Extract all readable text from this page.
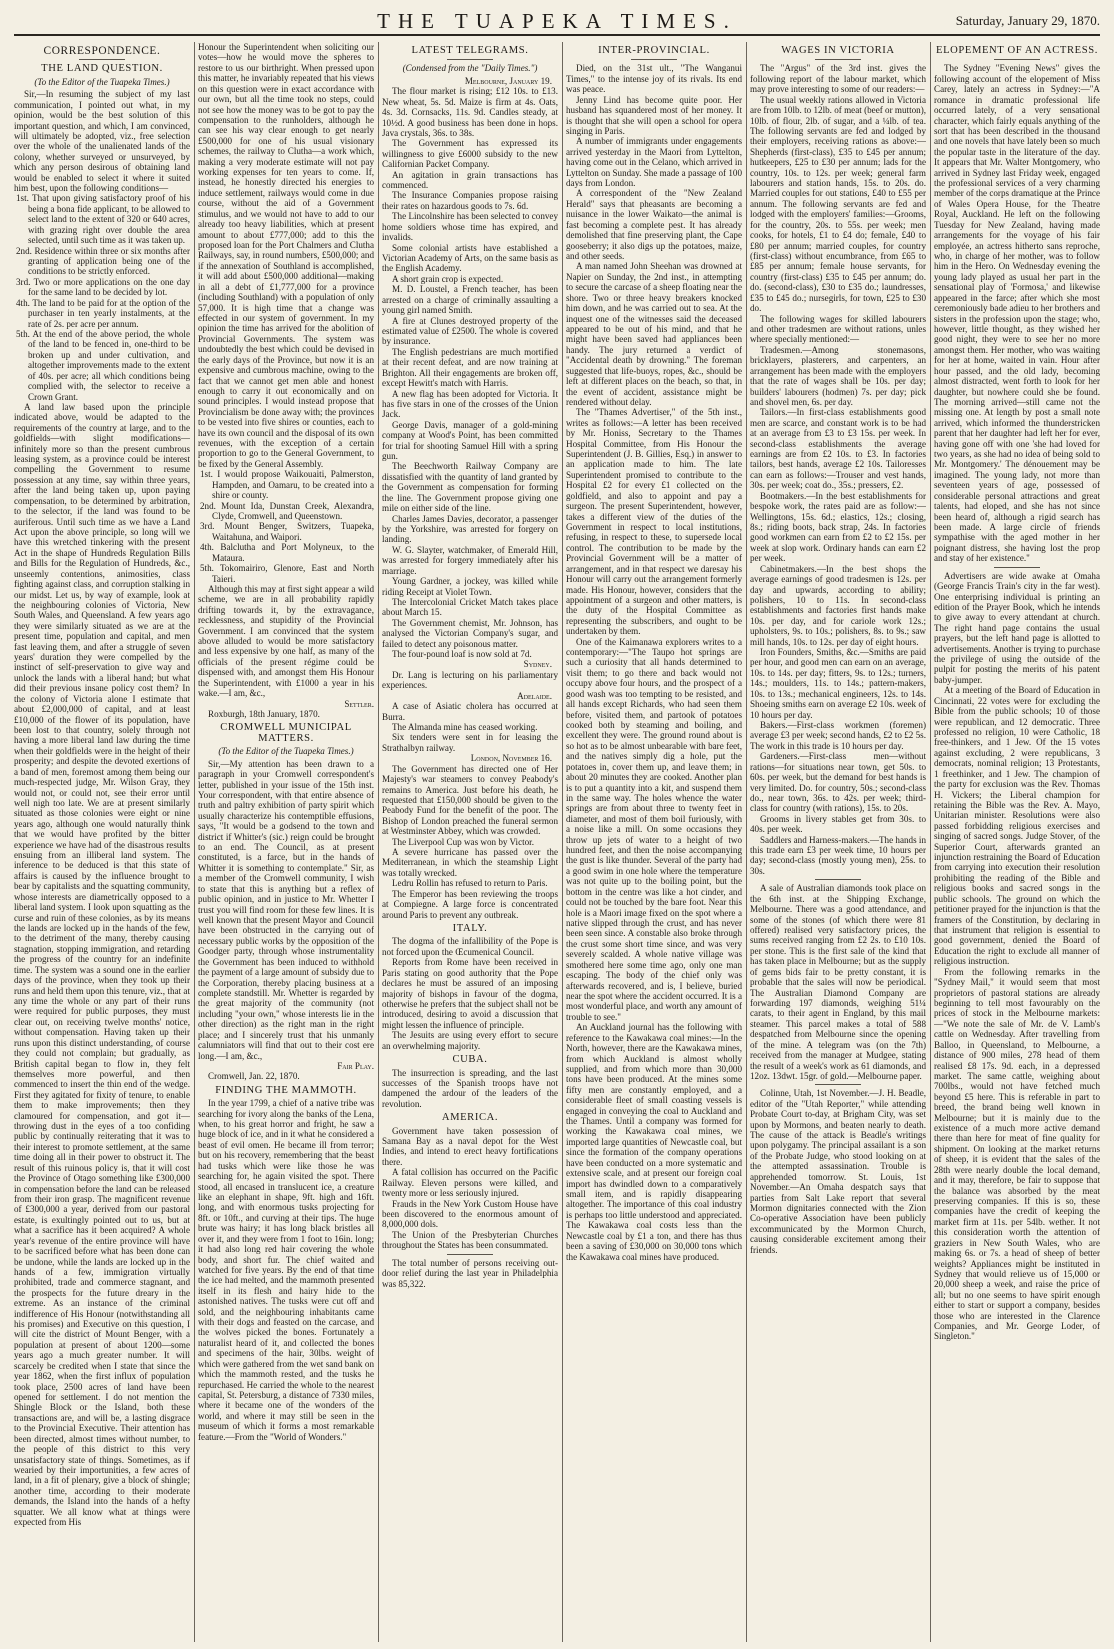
THE TUAPEKA TIMES.	Saturday, January 29, 1870.
CORRESPONDENCE.
THE LAND QUESTION.
(To the Editor of the Tuapeka Times.)

Sir,—In resuming the subject of my last communication, I pointed out what, in my opinion, would be the best solution of this important question, and which, I am convinced, will ultimately be adopted, viz., free selection over the whole of the unalienated lands of the colony, whether surveyed or unsurveyed, by which any person desirous of obtaining land would be enabled to select it where it suited him best, upon the following conditions—

1st. That upon giving satisfactory proof of his being a bona fide applicant, to be allowed to select land to the extent of 320 or 640 acres, with grazing right over double the area selected, until such time as it was taken up.

2nd. Residence within three or six months after granting of application being one of the conditions to be strictly enforced.

3rd. Two or more applications on the one day for the same land to be decided by lot.

4th. The land to be paid for at the option of the purchaser in ten yearly instalments, at the rate of 2s. per acre per annum.

5th. At the end of the above period, the whole of the land to be fenced in, one-third to be broken up and under cultivation, and altogether improvements made to the extent of 40s. per acre; all which conditions being complied with, the selector to receive a Crown Grant.

A land law based upon the principle indicated above, would be adapted to the requirements of the country at large, and to the goldfields—with slight modifications—infinitely more so than the present cumbrous leasing system, as a province could be interest compelling the Government to resume possession at any time, say within three years, after the land being taken up, upon paying compensation, to be determined by arbitration, to the selector, if the land was found to be auriferous. Until such time as we have a Land Act upon the above principle, so long will we have this wretched tinkering with the present Act in the shape of Hundreds Regulation Bills and Bills for the Regulation of Hundreds, &c., unseemly contentions, animosities, class fighting against class, and corruption stalking in our midst. Let us, by way of example, look at the neighbouring colonies of Victoria, New South Wales, and Queensland. A few years ago they were similarly situated as we are at the present time, population and capital, and men fast leaving them, and after a struggle of seven years' duration they were compelled by the instinct of self-preservation to give way and unlock the lands with a liberal hand; but what did their previous insane policy cost them? In the colony of Victoria alone I estimate that about £2,000,000 of capital, and at least £10,000 of the flower of its population, have been lost to that country, solely through not having a more liberal land law during the time when their goldfields were in the height of their prosperity; and despite the devoted exertions of a band of men, foremost among them being our much-respected judge, Mr. Wilson Gray, they would not, or could not, see their error until well nigh too late. We are at present similarly situated as those colonies were eight or nine years ago, although one would naturally think that we would have profited by the bitter experience we have had of the disastrous results ensuing from an illiberal land system. The inference to be deduced is that this state of affairs is caused by the influence brought to bear by capitalists and the squatting community, whose interests are diametrically opposed to a liberal land system. I look upon squatting as the curse and ruin of these colonies, as by its means the lands are locked up in the hands of the few, to the detriment of the many, thereby causing stagnation, stopping immigration, and retarding the progress of the country for an indefinite time. The system was a sound one in the earlier days of the province, when they took up their runs and held them upon this tenure, viz., that at any time the whole or any part of their runs were required for public purposes, they must clear out, on receiving twelve months' notice, without compensation. Having taken up their runs upon this distinct understanding, of course they could not complain; but gradually, as British capital began to flow in, they felt themselves more powerful, and then commenced to insert the thin end of the wedge. First they agitated for fixity of tenure, to enable them to make improvements; then they clamoured for compensation, and got it—throwing dust in the eyes of a too confiding public by continually reiterating that it was to their interest to promote settlement, at the same time doing all in their power to obstruct it. The result of this ruinous policy is, that it will cost the Province of Otago something like £300,000 in compensation before the land can be released from their iron grasp. The magnificent revenue of £300,000 a year, derived from our pastoral estate, is exultingly pointed out to us, but at what a sacrifice has it been acquired? A whole year's revenue of the entire province will have to be sacrificed before what has been done can be undone, while the lands are locked up in the hands of a few, immigration virtually prohibited, trade and commerce stagnant, and the prospects for the future dreary in the extreme. As an instance of the criminal indifference of His Honour (notwithstanding all his promises) and Executive on this question, I will cite the district of Mount Benger, with a population at present of about 1200—some years ago a much greater number. It will scarcely be credited when I state that since the year 1862, when the first influx of population took place, 2500 acres of land have been opened for settlement. I do not mention the Shingle Block or the Island, both these transactions are, and will be, a lasting disgrace to the Provincial Executive. Their attention has been directed, almost times without number, to the people of this district to this very unsatisfactory state of things. Sometimes, as if wearied by their importunities, a few acres of land, in a fit of plenary, give a block of shingle; another time, according to their moderate demands, the Island into the hands of a hefty squatter. We all know what at things were expected from His

Honour the Superintendent when soliciting our votes—how he would move the spheres to restore to us our birthright. When pressed upon this matter, he invariably repeated that his views on this question were in exact accordance with our own, but all the time took no steps, could not see how the money was to be got to pay the compensation to the runholders, although he can see his way clear enough to get nearly £500,000 for one of his usual visionary schemes, the railway to Clutha—a work which, making a very moderate estimate will not pay working expenses for ten years to come. If, instead, he honestly directed his energies to induce settlement, railways would come in due course, without the aid of a Government stimulus, and we would not have to add to our already too heavy liabilities, which at present amount to about £777,000; add to this the proposed loan for the Port Chalmers and Clutha Railways, say, in round numbers, £500,000; and if the annexation of Southland is accomplished, it will add about £500,000 additional—making in all a debt of £1,777,000 for a province (including Southland) with a population of only 57,000. It is high time that a change was effected in our system of government. In my opinion the time has arrived for the abolition of Provincial Governments. The system was undoubtedly the best which could be devised in the early days of the Province, but now it is an expensive and cumbrous machine, owing to the fact that we cannot get men able and honest enough to carry it out economically and on sound principles. I would instead propose that Provincialism be done away with; the provinces to be vested into five shires or counties, each to have its own council and the disposal of its own revenues, with the exception of a certain proportion to go to the General Government, to be fixed by the General Assembly.

1st. I would propose Waikouaiti, Palmerston, Hampden, and Oamaru, to be created into a shire or county.

2nd. Mount Ida, Dunstan Creek, Alexandra, Clyde, Cromwell, and Queenstown.

3rd. Mount Benger, Switzers, Tuapeka, Waitahuna, and Waipori.

4th. Balclutha and Port Molyneux, to the Mataura.

5th. Tokomairiro, Glenore, East and North Taieri.

Although this may at first sight appear a wild scheme, we are in all probability rapidly drifting towards it, by the extravagance, recklessness, and stupidity of the Provincial Government. I am convinced that the system above alluded to would be more satisfactory and less expensive by one half, as many of the officials of the present régime could be dispensed with, and amongst them His Honour the Superintendent, with £1000 a year in his wake.—I am, &c.,

Settler.
Roxburgh, 18th January, 1870.
CROMWELL MUNICIPAL MATTERS.
(To the Editor of the Tuapeka Times.)

Sir,—My attention has been drawn to a paragraph in your Cromwell correspondent's letter, published in your issue of the 15th inst. Your correspondent, with that entire absence of truth and paltry exhibition of party spirit which usually characterize his contemptible effusions, says, "It would be a godsend to the town and district if Whitter's (sic.) reign could be brought to an end. The Council, as at present constituted, is a farce, but in the hands of Whitter it is something to contemplate." Sir, as a member of the Cromwell community, I wish to state that this is anything but a reflex of public opinion, and in justice to Mr. Whetter I trust you will find room for these few lines. It is well known that the present Mayor and Council have been obstructed in the carrying out of necessary public works by the opposition of the Goodger party, through whose instrumentality the Government has been induced to withhold the payment of a large amount of subsidy due to the Corporation, thereby placing business at a complete standstill. Mr. Whetter is regarded by the great majority of the community (not including "your own," whose interests lie in the other direction) as the right man in the right place; and I sincerely trust that his unmanly calumniators will find that out to their cost ere long.—I am, &c.,

Fair Play.
Cromwell, Jan. 22, 1870.
FINDING THE MAMMOTH.

In the year 1799, a chief of a native tribe was searching for ivory along the banks of the Lena, when, to his great horror and fright, he saw a huge block of ice, and in it what he considered a beast of evil omen. He became ill from terror; but on his recovery, remembering that the beast had tusks which were like those he was searching for, he again visited the spot. There stood, all encased in translucent ice, a creature like an elephant in shape, 9ft. high and 16ft. long, and with enormous tusks projecting for 8ft. or 10ft., and curving at their tips. The huge brute was hairy; it has long black bristles all over it, and they were from 1 foot to 16in. long; it had also long red hair covering the whole body, and short fur. The chief waited and watched for five years. By the end of that time the ice had melted, and the mammoth presented itself in its flesh and hairy hide to the astonished natives. The tusks were cut off and sold, and the neighbouring inhabitants came with their dogs and feasted on the carcase, and the wolves picked the bones. Fortunately a naturalist heard of it, and collected the bones and specimens of the hair, 30lbs. weight of which were gathered from the wet sand bank on which the mammoth rested, and the tusks he repurchased. He carried the whole to the nearest capital, St. Petersburg, a distance of 7330 miles, where it became one of the wonders of the world, and where it may still be seen in the museum of which it forms a most remarkable feature.—From the "World of Wonders."

LATEST TELEGRAMS.
(Condensed from the "Daily Times.")
Melbourne, January 19.

The flour market is rising; £12 10s. to £13. New wheat, 5s. 5d. Maize is firm at 4s. Oats, 4s. 3d. Cornsacks, 11s. 9d. Candles steady, at 10½d. A good business has been done in hops. Java crystals, 36s. to 38s.

The Government has expressed its willingness to give £6000 subsidy to the new Californian Packet Company.

An agitation in grain transactions has commenced.

The Insurance Companies propose raising their rates on hazardous goods to 7s. 6d.

The Lincolnshire has been selected to convey home soldiers whose time has expired, and invalids.

Some colonial artists have established a Victorian Academy of Arts, on the same basis as the English Academy.

A short grain crop is expected.

M. D. Loustel, a French teacher, has been arrested on a charge of criminally assaulting a young girl named Smith.

A fire at Clunes destroyed property of the estimated value of £2500. The whole is covered by insurance.

The English pedestrians are much mortified at their recent defeat, and are now training at Brighton. All their engagements are broken off, except Hewitt's match with Harris.

A new flag has been adopted for Victoria. It has five stars in one of the crosses of the Union Jack.

George Davis, manager of a gold-mining company at Wood's Point, has been committed for trial for shooting Samuel Hill with a spring gun.

The Beechworth Railway Company are dissatisfied with the quantity of land granted by the Government as compensation for forming the line. The Government propose giving one mile on either side of the line.

Charles James Davies, decorator, a passenger by the Yorkshire, was arrested for forgery on landing.

W. G. Slayter, watchmaker, of Emerald Hill, was arrested for forgery immediately after his marriage.

Young Gardner, a jockey, was killed while riding Receipt at Violet Town.

The Intercolonial Cricket Match takes place about March 15.

The Government chemist, Mr. Johnson, has analysed the Victorian Company's sugar, and failed to detect any poisonous matter.

The four-pound loaf is now sold at 7d.

Sydney.

Dr. Lang is lecturing on his parliamentary experiences.

Adelaide.

A case of Asiatic cholera has occurred at Burra.

The Almanda mine has ceased working.

Six tenders were sent in for leasing the Strathalbyn railway.

London, November 16.

The Government has directed one of Her Majesty's war steamers to convey Peabody's remains to America. Just before his death, he requested that £150,000 should be given to the Peabody Fund for the benefit of the poor. The Bishop of London preached the funeral sermon at Westminster Abbey, which was crowded.

The Liverpool Cup was won by Victor.

A severe hurricane has passed over the Mediterranean, in which the steamship Light was totally wrecked.

Ledru Rollin has refused to return to Paris.

The Emperor has been reviewing the troops at Compiegne. A large force is concentrated around Paris to prevent any outbreak.

ITALY.

The dogma of the infallibility of the Pope is not forced upon the Œcumenical Council.

Reports from Rome have been received in Paris stating on good authority that the Pope declares he must be assured of an imposing majority of bishops in favour of the dogma, otherwise he prefers that the subject shall not be introduced, desiring to avoid a discussion that might lessen the influence of principle.

The Jesuits are using every effort to secure an overwhelming majority.

CUBA.

The insurrection is spreading, and the last successes of the Spanish troops have not dampened the ardour of the leaders of the revolution.

AMERICA.

Government have taken possession of Samana Bay as a naval depot for the West Indies, and intend to erect heavy fortifications there.

A fatal collision has occurred on the Pacific Railway. Eleven persons were killed, and twenty more or less seriously injured.

Frauds in the New York Custom House have been discovered to the enormous amount of 8,000,000 dols.

The Union of the Presbyterian Churches throughout the States has been consummated.

The total number of persons receiving out-door relief during the last year in Philadelphia was 85,322.

INTER-PROVINCIAL.

Died, on the 31st ult., "The Wanganui Times," to the intense joy of its rivals. Its end was peace.

Jenny Lind has become quite poor. Her husband has squandered most of her money. It is thought that she will open a school for opera singing in Paris.

A number of immigrants under engagements arrived yesterday in the Maori from Lyttelton, having come out in the Celano, which arrived in Lyttelton on Sunday. She made a passage of 100 days from London.

A correspondent of the "New Zealand Herald" says that pheasants are becoming a nuisance in the lower Waikato—the animal is fast becoming a complete pest. It has already demolished that fine preserving plant, the Cape gooseberry; it also digs up the potatoes, maize, and other seeds.

A man named John Sheehan was drowned at Napier on Sunday, the 2nd inst., in attempting to secure the carcase of a sheep floating near the shore. Two or three heavy breakers knocked him down, and he was carried out to sea. At the inquest one of the witnesses said the deceased appeared to be out of his mind, and that he might have been saved had appliances been handy. The jury returned a verdict of "Accidental death by drowning." The foreman suggested that life-buoys, ropes, &c., should be left at different places on the beach, so that, in the event of accident, assistance might be rendered without delay.

The "Thames Advertiser," of the 5th inst., writes as follows:—A letter has been received by Mr. Honiss, Secretary to the Thames Hospital Committee, from His Honour the Superintendent (J. B. Gillies, Esq.) in answer to an application made to him. The late Superintendent promised to contribute to the Hospital £2 for every £1 collected on the goldfield, and also to appoint and pay a surgeon. The present Superintendent, however, takes a different view of the duties of the Government in respect to local institutions, refusing, in respect to these, to supersede local control. The contribution to be made by the Provincial Government will be a matter of arrangement, and in that respect we daresay his Honour will carry out the arrangement formerly made. His Honour, however, considers that the appointment of a surgeon and other matters, is the duty of the Hospital Committee as representing the subscribers, and ought to be undertaken by them.

One of the Kaimanawa explorers writes to a contemporary:—"The Taupo hot springs are such a curiosity that all hands determined to visit them; to go there and back would not occupy above four hours, and the prospect of a good wash was too tempting to be resisted, and all hands except Richards, who had seen them before, visited them, and partook of potatoes cooked both by steaming and boiling, and excellent they were. The ground round about is so hot as to be almost unbearable with bare feet, and the natives simply dig a hole, put the potatoes in, cover them up, and leave them; in about 20 minutes they are cooked. Another plan is to put a quantity into a kit, and suspend them in the same way. The holes whence the water springs are from about three to twenty feet in diameter, and most of them boil furiously, with a noise like a mill. On some occasions they throw up jets of water to a height of two hundred feet, and then the noise accompanying the gust is like thunder. Several of the party had a good swim in one hole where the temperature was not quite up to the boiling point, but the bottom in the centre was like a hot cinder, and could not be touched by the bare foot. Near this hole is a Maori image fixed on the spot where a native slipped through the crust, and has never been seen since. A constable also broke through the crust some short time since, and was very severely scalded. A whole native village was smothered here some time ago, only one man escaping. The body of the chief only was afterwards recovered, and is, I believe, buried near the spot where the accident occurred. It is a most wonderful place, and worth any amount of trouble to see."

An Auckland journal has the following with reference to the Kawakawa coal mines:—In the North, however, there are the Kawakawa mines, from which Auckland is almost wholly supplied, and from which more than 30,000 tons have been produced. At the mines some fifty men are constantly employed, and a considerable fleet of small coasting vessels is engaged in conveying the coal to Auckland and the Thames. Until a company was formed for working the Kawakawa coal mines, we imported large quantities of Newcastle coal, but since the formation of the company operations have been conducted on a more systematic and extensive scale, and at present our foreign coal import has dwindled down to a comparatively small item, and is rapidly disappearing altogether. The importance of this coal industry is perhaps too little understood and appreciated. The Kawakawa coal costs less than the Newcastle coal by £1 a ton, and there has thus been a saving of £30,000 on 30,000 tons which the Kawakawa coal mines have produced.

WAGES IN VICTORIA

The "Argus" of the 3rd inst. gives the following report of the labour market, which may prove interesting to some of our readers:—

The usual weekly rations allowed in Victoria are from 10lb. to 12lb. of meat (beef or mutton), 10lb. of flour, 2lb. of sugar, and a ¼lb. of tea. The following servants are fed and lodged by their employers, receiving rations as above:—Shepherds (first-class), £35 to £45 per annum; hutkeepers, £25 to £30 per annum; lads for the country, 10s. to 12s. per week; general farm labourers and station hands, 15s. to 20s. do. Married couples for out stations, £40 to £55 per annum. The following servants are fed and lodged with the employers' families:—Grooms, for the country, 20s. to 55s. per week; men cooks, for hotels, £1 to £4 do; female, £40 to £80 per annum; married couples, for country (first-class) without encumbrance, from £65 to £85 per annum; female house servants, for country (first-class) £35 to £45 per annum; do. do. (second-class), £30 to £35 do.; laundresses, £35 to £45 do.; nursegirls, for town, £25 to £30 do.

The following wages for skilled labourers and other tradesmen are without rations, unles where specially mentioned:—

Tradesmen.—Among stonemasons, bricklayers, plasterers, and carpenters, an arrangement has been made with the employers that the rate of wages shall be 10s. per day; builders' labourers (hodmen) 7s. per day; pick and shovel men, 6s. per day.

Tailors.—In first-class establishments good men are scarce, and constant work is to be had at an average from £3 to £3 15s. per week. In second-class establishments the average earnings are from £2 10s. to £3. In factories tailors, best hands, average £2 10s. Tailoresses can earn as follows:—Trouser and vest hands, 30s. per week; coat do., 35s.; pressers, £2.

Bootmakers.—In the best establishments for bespoke work, the rates paid are as follow:—Wellingtons, 15s. 6d.; elastics, 12s.; closing, 8s.; riding boots, back strap, 24s. In factories good workmen can earn from £2 to £2 15s. per week at slop work. Ordinary hands can earn £2 per week.

Cabinetmakers.—In the best shops the average earnings of good tradesmen is 12s. per day and upwards, according to ability; polishers, 10 to 11s. In second-class establishments and factories first hands make 10s. per day, and for cariole work 12s.; upholsters, 9s. to 10s.; polishers, 8s. to 9s.; saw mill hands, 10s. to 12s. per day of eight hours.

Iron Founders, Smiths, &c.—Smiths are paid per hour, and good men can earn on an average, 10s. to 14s. per day; fitters, 9s. to 12s.; turners, 14s.; moulders, 11s. to 14s.; pattern-makers, 10s. to 13s.; mechanical engineers, 12s. to 14s. Shoeing smiths earn on average £2 10s. week of 10 hours per day.

Bakers.—First-class workmen (foremen) average £3 per week; second hands, £2 to £2 5s. The work in this trade is 10 hours per day.

Gardeners.—First-class men—without rations—for situations near town, get 50s. to 60s. per week, but the demand for best hands is very limited. Do. for country, 50s.; second-class do., near town, 36s. to 42s. per week; third-class for country (with rations), 15s. to 20s.

Grooms in livery stables get from 30s. to 40s. per week.

Saddlers and Harness-makers.—The hands in this trade earn £3 per week time, 10 hours per day; second-class (mostly young men), 25s. to 30s.

A sale of Australian diamonds took place on the 6th inst. at the Shipping Exchange, Melbourne. There was a good attendance, and some of the stones (of which there were 81 offered) realised very satisfactory prices, the sums received ranging from £2 2s. to £10 10s. per stone. This is the first sale of the kind that has taken place in Melbourne; but as the supply of gems bids fair to be pretty constant, it is probable that the sales will now be periodical. The Australian Diamond Company are forwarding 197 diamonds, weighing 51¼ carats, to their agent in England, by this mail steamer. This parcel makes a total of 588 despatched from Melbourne since the opening of the mine. A telegram was (on the 7th) received from the manager at Mudgee, stating the result of a week's work as 61 diamonds, and 12oz. 13dwt. 15gr. of gold.—Melbourne paper.

Colinne, Utah, 1st November.—J. H. Beadle, editor of the "Utah Reporter," while attending Probate Court to-day, at Brigham City, was set upon by Mormons, and beaten nearly to death. The cause of the attack is Beadle's writings upon polygamy. The principal assailant is a son of the Probate Judge, who stood looking on at the attempted assassination. Trouble is apprehended tomorrow. St. Louis, 1st November.—An Omaha despatch says that parties from Salt Lake report that several Mormon dignitaries connected with the Zion Co-operative Association have been publicly excommunicated by the Mormon Church, causing considerable excitement among their friends.

ELOPEMENT OF AN ACTRESS.

The Sydney "Evening News" gives the following account of the elopement of Miss Carey, lately an actress in Sydney:—"A romance in dramatic professional life occurred lately, of a very sensational character, which fairly equals anything of the sort that has been described in the thousand and one novels that have lately been so much the popular taste in the literature of the day. It appears that Mr. Walter Montgomery, who arrived in Sydney last Friday week, engaged the professional services of a very charming member of the corps dramatique at the Prince of Wales Opera House, for the Theatre Royal, Auckland. He left on the following Tuesday for New Zealand, having made arrangements for the voyage of his fair employée, an actress hitherto sans reproche, who, in charge of her mother, was to follow him in the Hero. On Wednesday evening the young lady played as usual her part in the sensational play of 'Formosa,' and likewise appeared in the farce; after which she most ceremoniously bade adieu to her brothers and sisters in the profession upon the stage; who, however, little thought, as they wished her good night, they were to see her no more amongst them. Her mother, who was waiting for her at home, waited in vain. Hour after hour passed, and the old lady, becoming almost distracted, went forth to look for her daughter, but nowhere could she be found. The morning arrived—still came not the missing one. At length by post a small note arrived, which informed the thunderstricken parent that her daughter had left her for ever, having gone off with one 'she had loved for two years, as she had no idea of being sold to Mr. Montgomery.' The dénouement may be imagined. The young lady, not more than seventeen years of age, possessed of considerable personal attractions and great talents, had eloped, and she has not since been heard of, although a rigid search has been made. A large circle of friends sympathise with the aged mother in her poignant distress, she having lost the prop and stay of her existence."

Advertisers are wide awake at Omaha (George Francis Train's city in the far west). One enterprising individual is printing an edition of the Prayer Book, which he intends to give away to every attendant at church. The right hand page contains the usual prayers, but the left hand page is allotted to advertisements. Another is trying to purchase the privilege of using the outside of the pulpit for posting the merits of his patent baby-jumper.

At a meeting of the Board of Education in Cincinnati, 22 votes were for excluding the Bible from the public schools; 10 of those were republican, and 12 democratic. Three professed no religion, 10 were Catholic, 18 free-thinkers, and 1 Jew. Of the 15 votes against excluding, 2 were republicans, 3 democrats, nominal religion; 13 Protestants, 1 freethinker, and 1 Jew. The champion of the party for exclusion was the Rev. Thomas H. Vickers; the Liberal champion for retaining the Bible was the Rev. A. Mayo, Unitarian minister. Resolutions were also passed forbidding religious exercises and singing of sacred songs. Judge Stover, of the Superior Court, afterwards granted an injunction restraining the Board of Education from carrying into execution their resolution prohibiting the reading of the Bible and religious books and sacred songs in the public schools. The ground on which the petitioner prayed for the injunction is that the framers of the Constitution, by declaring in that instrument that religion is essential to good government, denied the Board of Education the right to exclude all manner of religious instruction.

From the following remarks in the "Sydney Mail," it would seem that most proprietors of pastoral stations are already beginning to tell most favourably on the prices of stock in the Melbourne markets:—"We note the sale of Mr. de V. Lamb's cattle on Wednesday. After travelling from Balloo, in Queensland, to Melbourne, a distance of 900 miles, 278 head of them realised £8 17s. 9d. each, in a depressed market. The same cattle, weighing about 700lbs., would not have fetched much beyond £5 here. This is referable in part to breed, the brand being well known in Melbourne; but it is mainly due to the existence of a much more active demand there than here for meat of fine quality for shipment. On looking at the market returns of sheep, it is evident that the sales of the 28th were nearly double the local demand, and it may, therefore, be fair to suppose that the balance was absorbed by the meat preserving companies. If this is so, these companies have the credit of keeping the market firm at 11s. per 54lb. wether. It not this consideration worth the attention of graziers in New South Wales, who are making 6s. or 7s. a head of sheep of better weights? Appliances might be instituted in Sydney that would relieve us of 15,000 or 20,000 sheep a week, and raise the price of all; but no one seems to have spirit enough either to start or support a company, besides those who are interested in the Clarence Companies, and Mr. George Loder, of Singleton."
